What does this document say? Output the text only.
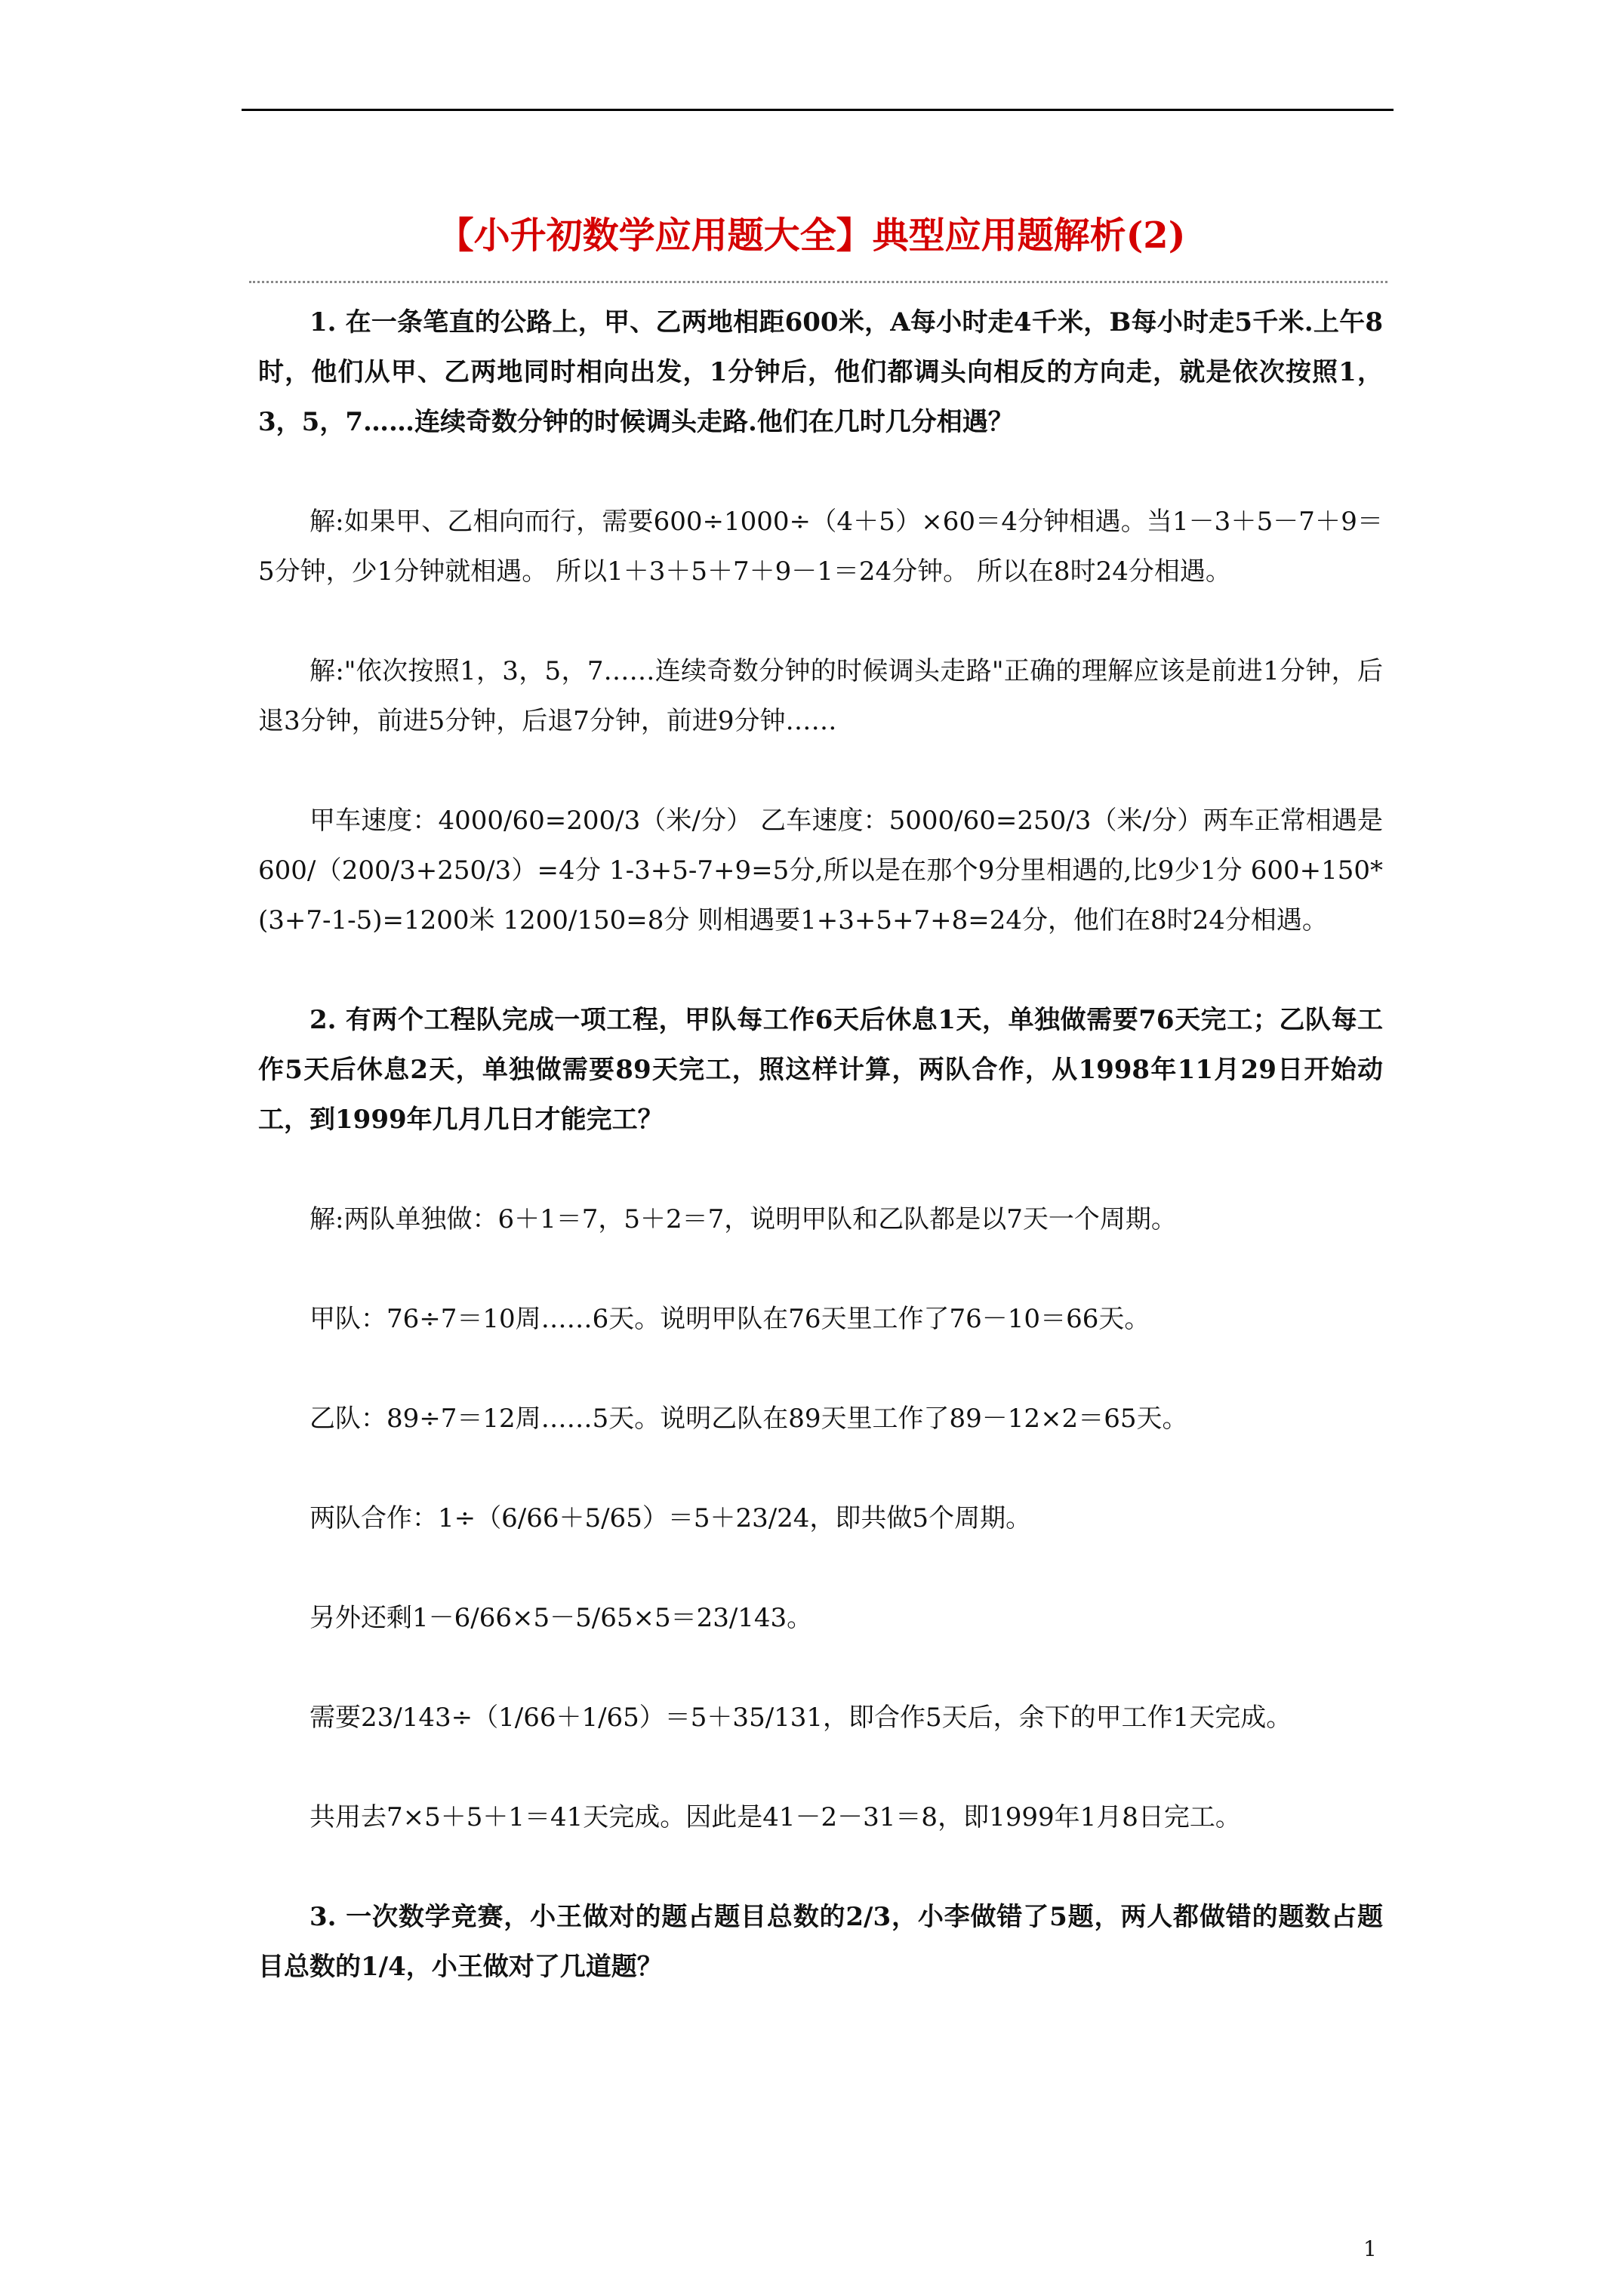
【小升初数学应用题大全】典型应用题解析(2)

1. 在一条笔直的公路上，甲、乙两地相距600米，A每小时走4千米，B每小时走5千米.上午8时，他们从甲、乙两地同时相向出发，1分钟后，他们都调头向相反的方向走，就是依次按照1，3，5，7……连续奇数分钟的时候调头走路.他们在几时几分相遇？

解:如果甲、乙相向而行，需要600÷1000÷（4＋5）×60＝4分钟相遇。当1－3＋5－7＋9＝5分钟，少1分钟就相遇。 所以1＋3＋5＋7＋9－1＝24分钟。 所以在8时24分相遇。

解:"依次按照1，3，5，7……连续奇数分钟的时候调头走路"正确的理解应该是前进1分钟，后退3分钟，前进5分钟，后退7分钟，前进9分钟……

甲车速度：4000/60=200/3（米/分） 乙车速度：5000/60=250/3（米/分）两车正常相遇是600/（200/3+250/3）=4分 1-3+5-7+9=5分,所以是在那个9分里相遇的,比9少1分 600+150*(3+7-1-5)=1200米 1200/150=8分 则相遇要1+3+5+7+8=24分，他们在8时24分相遇。

2. 有两个工程队完成一项工程，甲队每工作6天后休息1天，单独做需要76天完工；乙队每工作5天后休息2天，单独做需要89天完工，照这样计算，两队合作，从1998年11月29日开始动工，到1999年几月几日才能完工？

解:两队单独做：6＋1＝7，5＋2＝7，说明甲队和乙队都是以7天一个周期。

甲队：76÷7＝10周……6天。说明甲队在76天里工作了76－10＝66天。

乙队：89÷7＝12周……5天。说明乙队在89天里工作了89－12×2＝65天。

两队合作：1÷（6/66＋5/65）＝5＋23/24，即共做5个周期。

另外还剩1－6/66×5－5/65×5＝23/143。

需要23/143÷（1/66＋1/65）＝5＋35/131，即合作5天后，余下的甲工作1天完成。

共用去7×5＋5＋1＝41天完成。因此是41－2－31＝8，即1999年1月8日完工。

3. 一次数学竞赛，小王做对的题占题目总数的2/3，小李做错了5题，两人都做错的题数占题目总数的1/4，小王做对了几道题？

1
